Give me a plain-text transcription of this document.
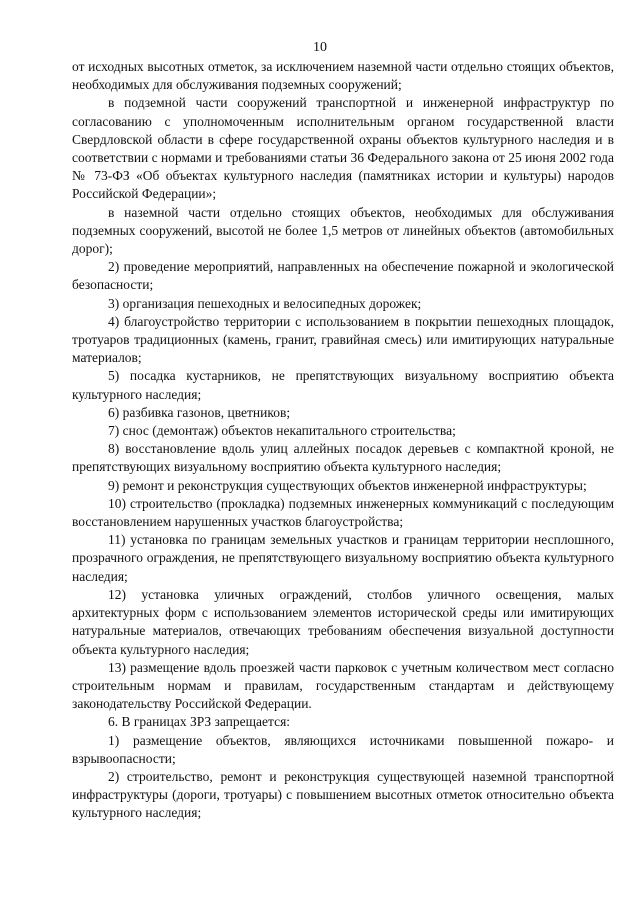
10

от исходных высотных отметок, за исключением наземной части отдельно стоящих объектов, необходимых для обслуживания подземных сооружений;

в подземной части сооружений транспортной и инженерной инфраструктур по согласованию с уполномоченным исполнительным органом государственной власти Свердловской области в сфере государственной охраны объектов культурного наследия и в соответствии с нормами и требованиями статьи 36 Федерального закона от 25 июня 2002 года № 73-ФЗ «Об объектах культурного наследия (памятниках истории и культуры) народов Российской Федерации»;

в наземной части отдельно стоящих объектов, необходимых для обслуживания подземных сооружений, высотой не более 1,5 метров от линейных объектов (автомобильных дорог);

2) проведение мероприятий, направленных на обеспечение пожарной и экологической безопасности;

3) организация пешеходных и велосипедных дорожек;

4) благоустройство территории с использованием в покрытии пешеходных площадок, тротуаров традиционных (камень, гранит, гравийная смесь) или имитирующих натуральные материалов;

5) посадка кустарников, не препятствующих визуальному восприятию объекта культурного наследия;

6) разбивка газонов, цветников;

7) снос (демонтаж) объектов некапитального строительства;

8) восстановление вдоль улиц аллейных посадок деревьев с компактной кроной, не препятствующих визуальному восприятию объекта культурного наследия;

9) ремонт и реконструкция существующих объектов инженерной инфраструктуры;

10) строительство (прокладка) подземных инженерных коммуникаций с последующим восстановлением нарушенных участков благоустройства;

11) установка по границам земельных участков и границам территории несплошного, прозрачного ограждения, не препятствующего визуальному восприятию объекта культурного наследия;

12) установка уличных ограждений, столбов уличного освещения, малых архитектурных форм с использованием элементов исторической среды или имитирующих натуральные материалов, отвечающих требованиям обеспечения визуальной доступности объекта культурного наследия;

13) размещение вдоль проезжей части парковок с учетным количеством мест согласно строительным нормам и правилам, государственным стандартам и действующему законодательству Российской Федерации.

6. В границах ЗРЗ запрещается:

1) размещение объектов, являющихся источниками повышенной пожаро- и взрывоопасности;

2) строительство, ремонт и реконструкция существующей наземной транспортной инфраструктуры (дороги, тротуары) с повышением высотных отметок относительно объекта культурного наследия;
